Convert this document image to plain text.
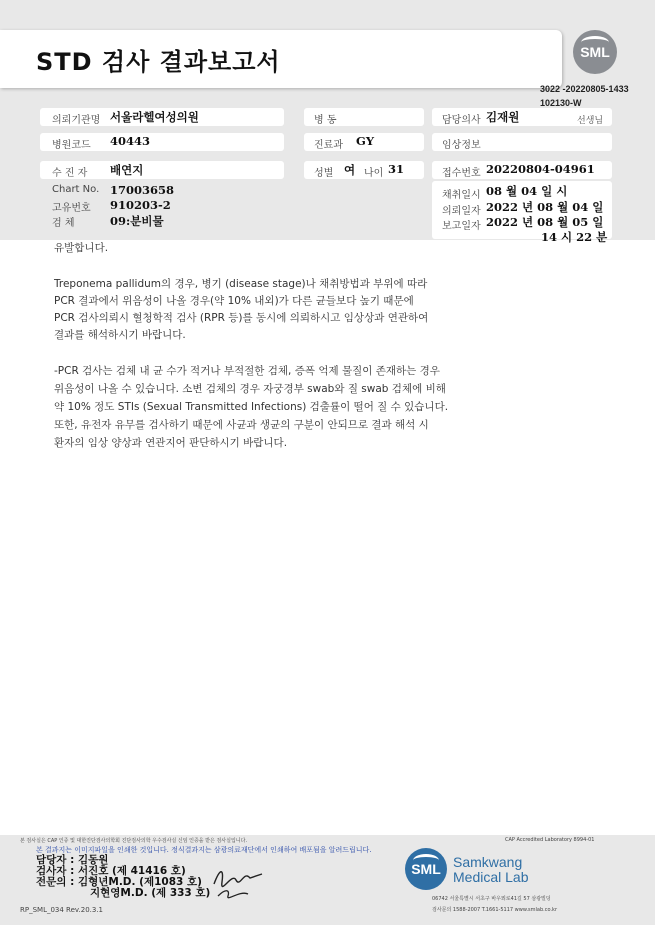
STD 검사 결과보고서	SML
3022 -20220805-1433
102130-W
의뢰기관명 서울라헬여성의원	병 동	담당의사 김재원	선생님
병원코드 40443	진료과 GY	임상정보
수 진 자 배연지	성별 여 나이 31	접수번호 20220804-04961
Chart No. 17003658
고유번호 910203-2
검 체	09:분비물
채취일시 08 월 04 일 시
의뢰일자 2022 년 08 월 04 일
보고일자 2022 년 08 월 05 일
14 시 22 분
유발합니다.
Treponema pallidum의 경우, 병기 (disease stage)나 채취방법과 부위에 따라
PCR 결과에서 위음성이 나올 경우(약 10% 내외)가 다른 균들보다 높기 때문에
PCR 검사의뢰시 혈청학적 검사 (RPR 등)를 동시에 의뢰하시고 임상상과 연관하여
결과를 해석하시기 바랍니다.
-PCR 검사는 검체 내 균 수가 적거나 부적절한 검체, 증폭 억제 물질이 존재하는 경우
위음성이 나올 수 있습니다. 소변 검체의 경우 자궁경부 swab와 질 swab 검체에 비해
약 10% 정도 STIs (Sexual Transmitted Infections) 검출률이 떨어 질 수 있습니다.
또한, 유전자 유무를 검사하기 때문에 사균과 생균의 구분이 안되므로 결과 해석 시
환자의 임상 양상과 연관지어 판단하시기 바랍니다.
본 검사실은 CAP 인증 및 대한진단검사의학회 진단검사의학 우수검사실 신임 인증을 받은 검사실입니다.	CAP Accredited Laboratory 8994-01
본 결과지는 이미지파일을 인쇄한 것입니다. 정식결과지는 삼광의료재단에서 인쇄하여 배포됨을 알려드립니다.
담당자 : 김동원
검사자 : 서진호 (제 41416 호)
전문의 : 김형년M.D. (제1083 호)
지현영M.D. (제 333 호)
RP_SML_034 Rev.20.3.1
SML Samkwang
Medical Lab
06742 서울특별시 서초구 바우뫼로41길 57 삼광빌딩
검사문의 1588-2007 T.1661-5117 www.smlab.co.kr
